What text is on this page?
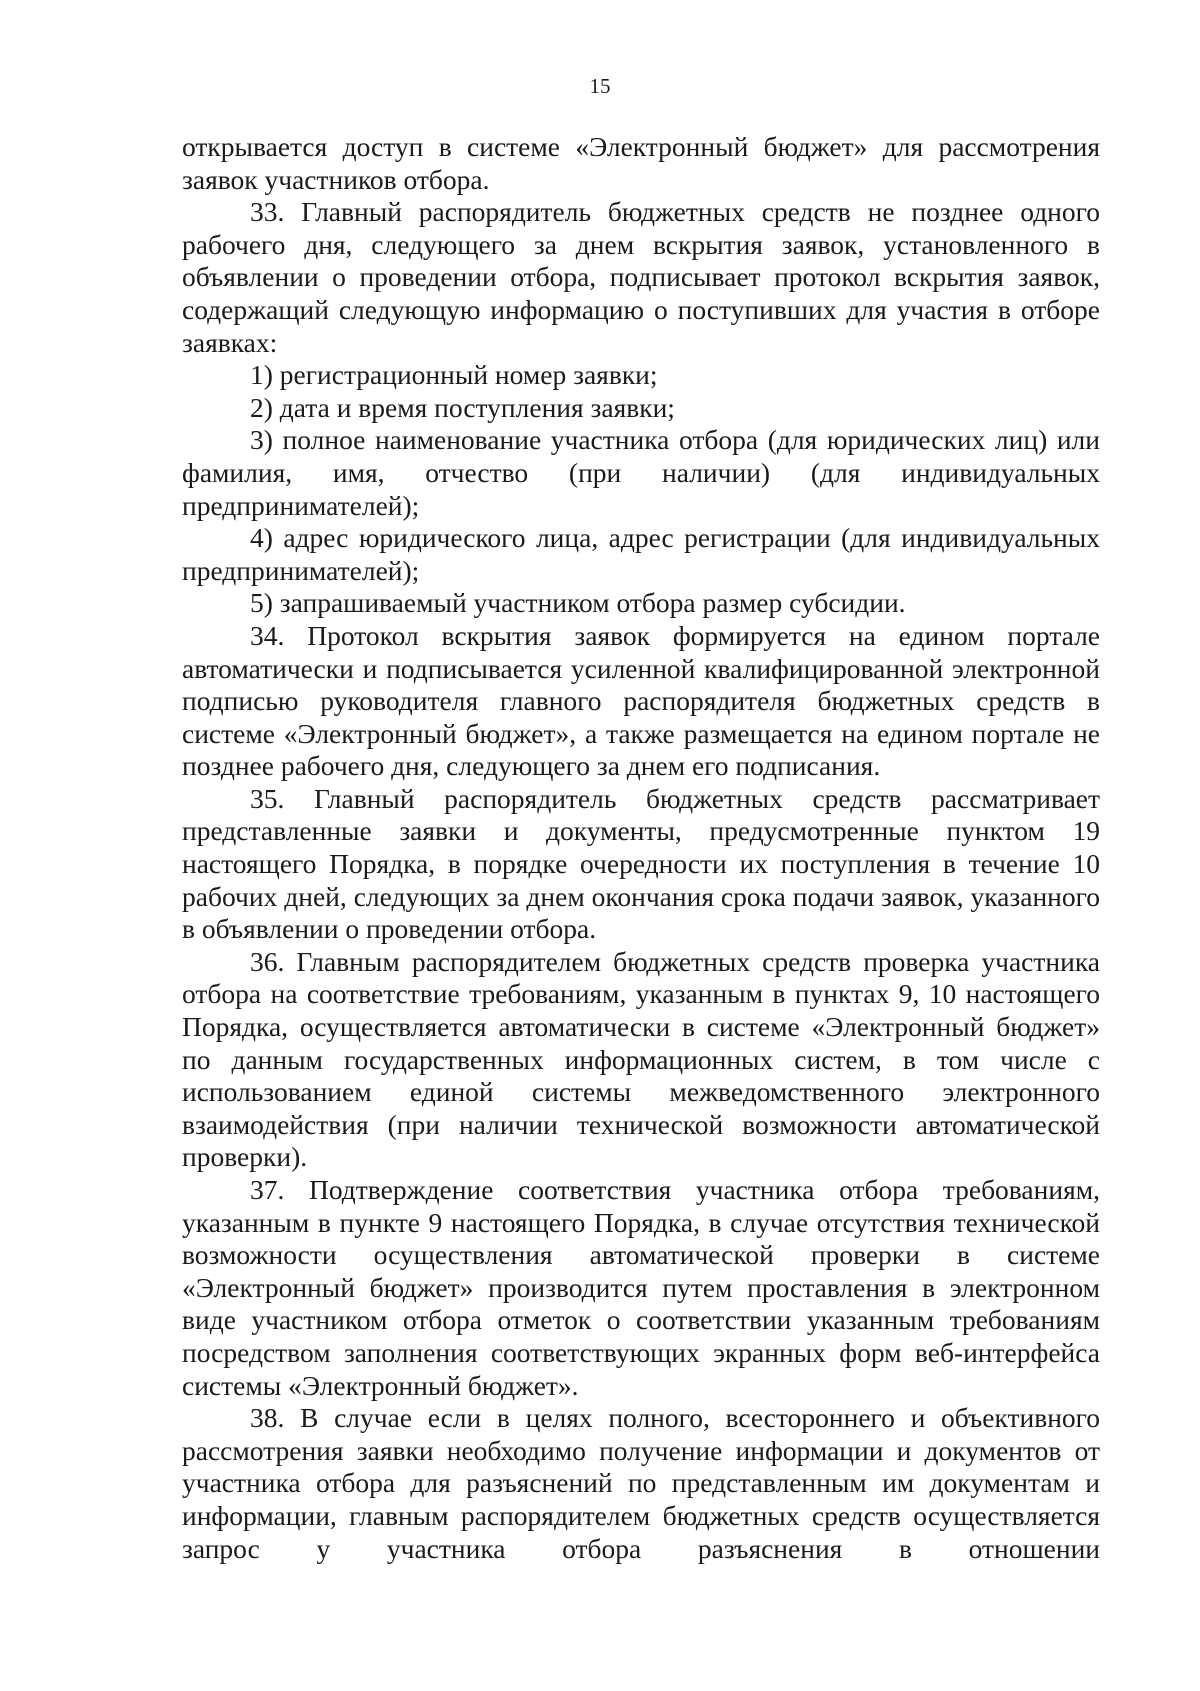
15

открывается доступ в системе «Электронный бюджет» для рассмотрения заявок участников отбора.

33. Главный распорядитель бюджетных средств не позднее одного рабочего дня, следующего за днем вскрытия заявок, установленного в объявлении о проведении отбора, подписывает протокол вскрытия заявок, содержащий следующую информацию о поступивших для участия в отборе заявках:

1) регистрационный номер заявки;

2) дата и время поступления заявки;

3) полное наименование участника отбора (для юридических лиц) или фамилия, имя, отчество (при наличии) (для индивидуальных предпринимателей);

4) адрес юридического лица, адрес регистрации (для индивидуальных предпринимателей);

5) запрашиваемый участником отбора размер субсидии.

34. Протокол вскрытия заявок формируется на едином портале автоматически и подписывается усиленной квалифицированной электронной подписью руководителя главного распорядителя бюджетных средств в системе «Электронный бюджет», а также размещается на едином портале не позднее рабочего дня, следующего за днем его подписания.

35. Главный распорядитель бюджетных средств рассматривает представленные заявки и документы, предусмотренные пунктом 19 настоящего Порядка, в порядке очередности их поступления в течение 10 рабочих дней, следующих за днем окончания срока подачи заявок, указанного в объявлении о проведении отбора.

36. Главным распорядителем бюджетных средств проверка участника отбора на соответствие требованиям, указанным в пунктах 9, 10 настоящего Порядка, осуществляется автоматически в системе «Электронный бюджет» по данным государственных информационных систем, в том числе с использованием единой системы межведомственного электронного взаимодействия (при наличии технической возможности автоматической проверки).

37. Подтверждение соответствия участника отбора требованиям, указанным в пункте 9 настоящего Порядка, в случае отсутствия технической возможности осуществления автоматической проверки в системе «Электронный бюджет» производится путем проставления в электронном виде участником отбора отметок о соответствии указанным требованиям посредством заполнения соответствующих экранных форм веб-интерфейса системы «Электронный бюджет».

38. В случае если в целях полного, всестороннего и объективного рассмотрения заявки необходимо получение информации и документов от участника отбора для разъяснений по представленным им документам и информации, главным распорядителем бюджетных средств осуществляется запрос у участника отбора разъяснения в отношении
